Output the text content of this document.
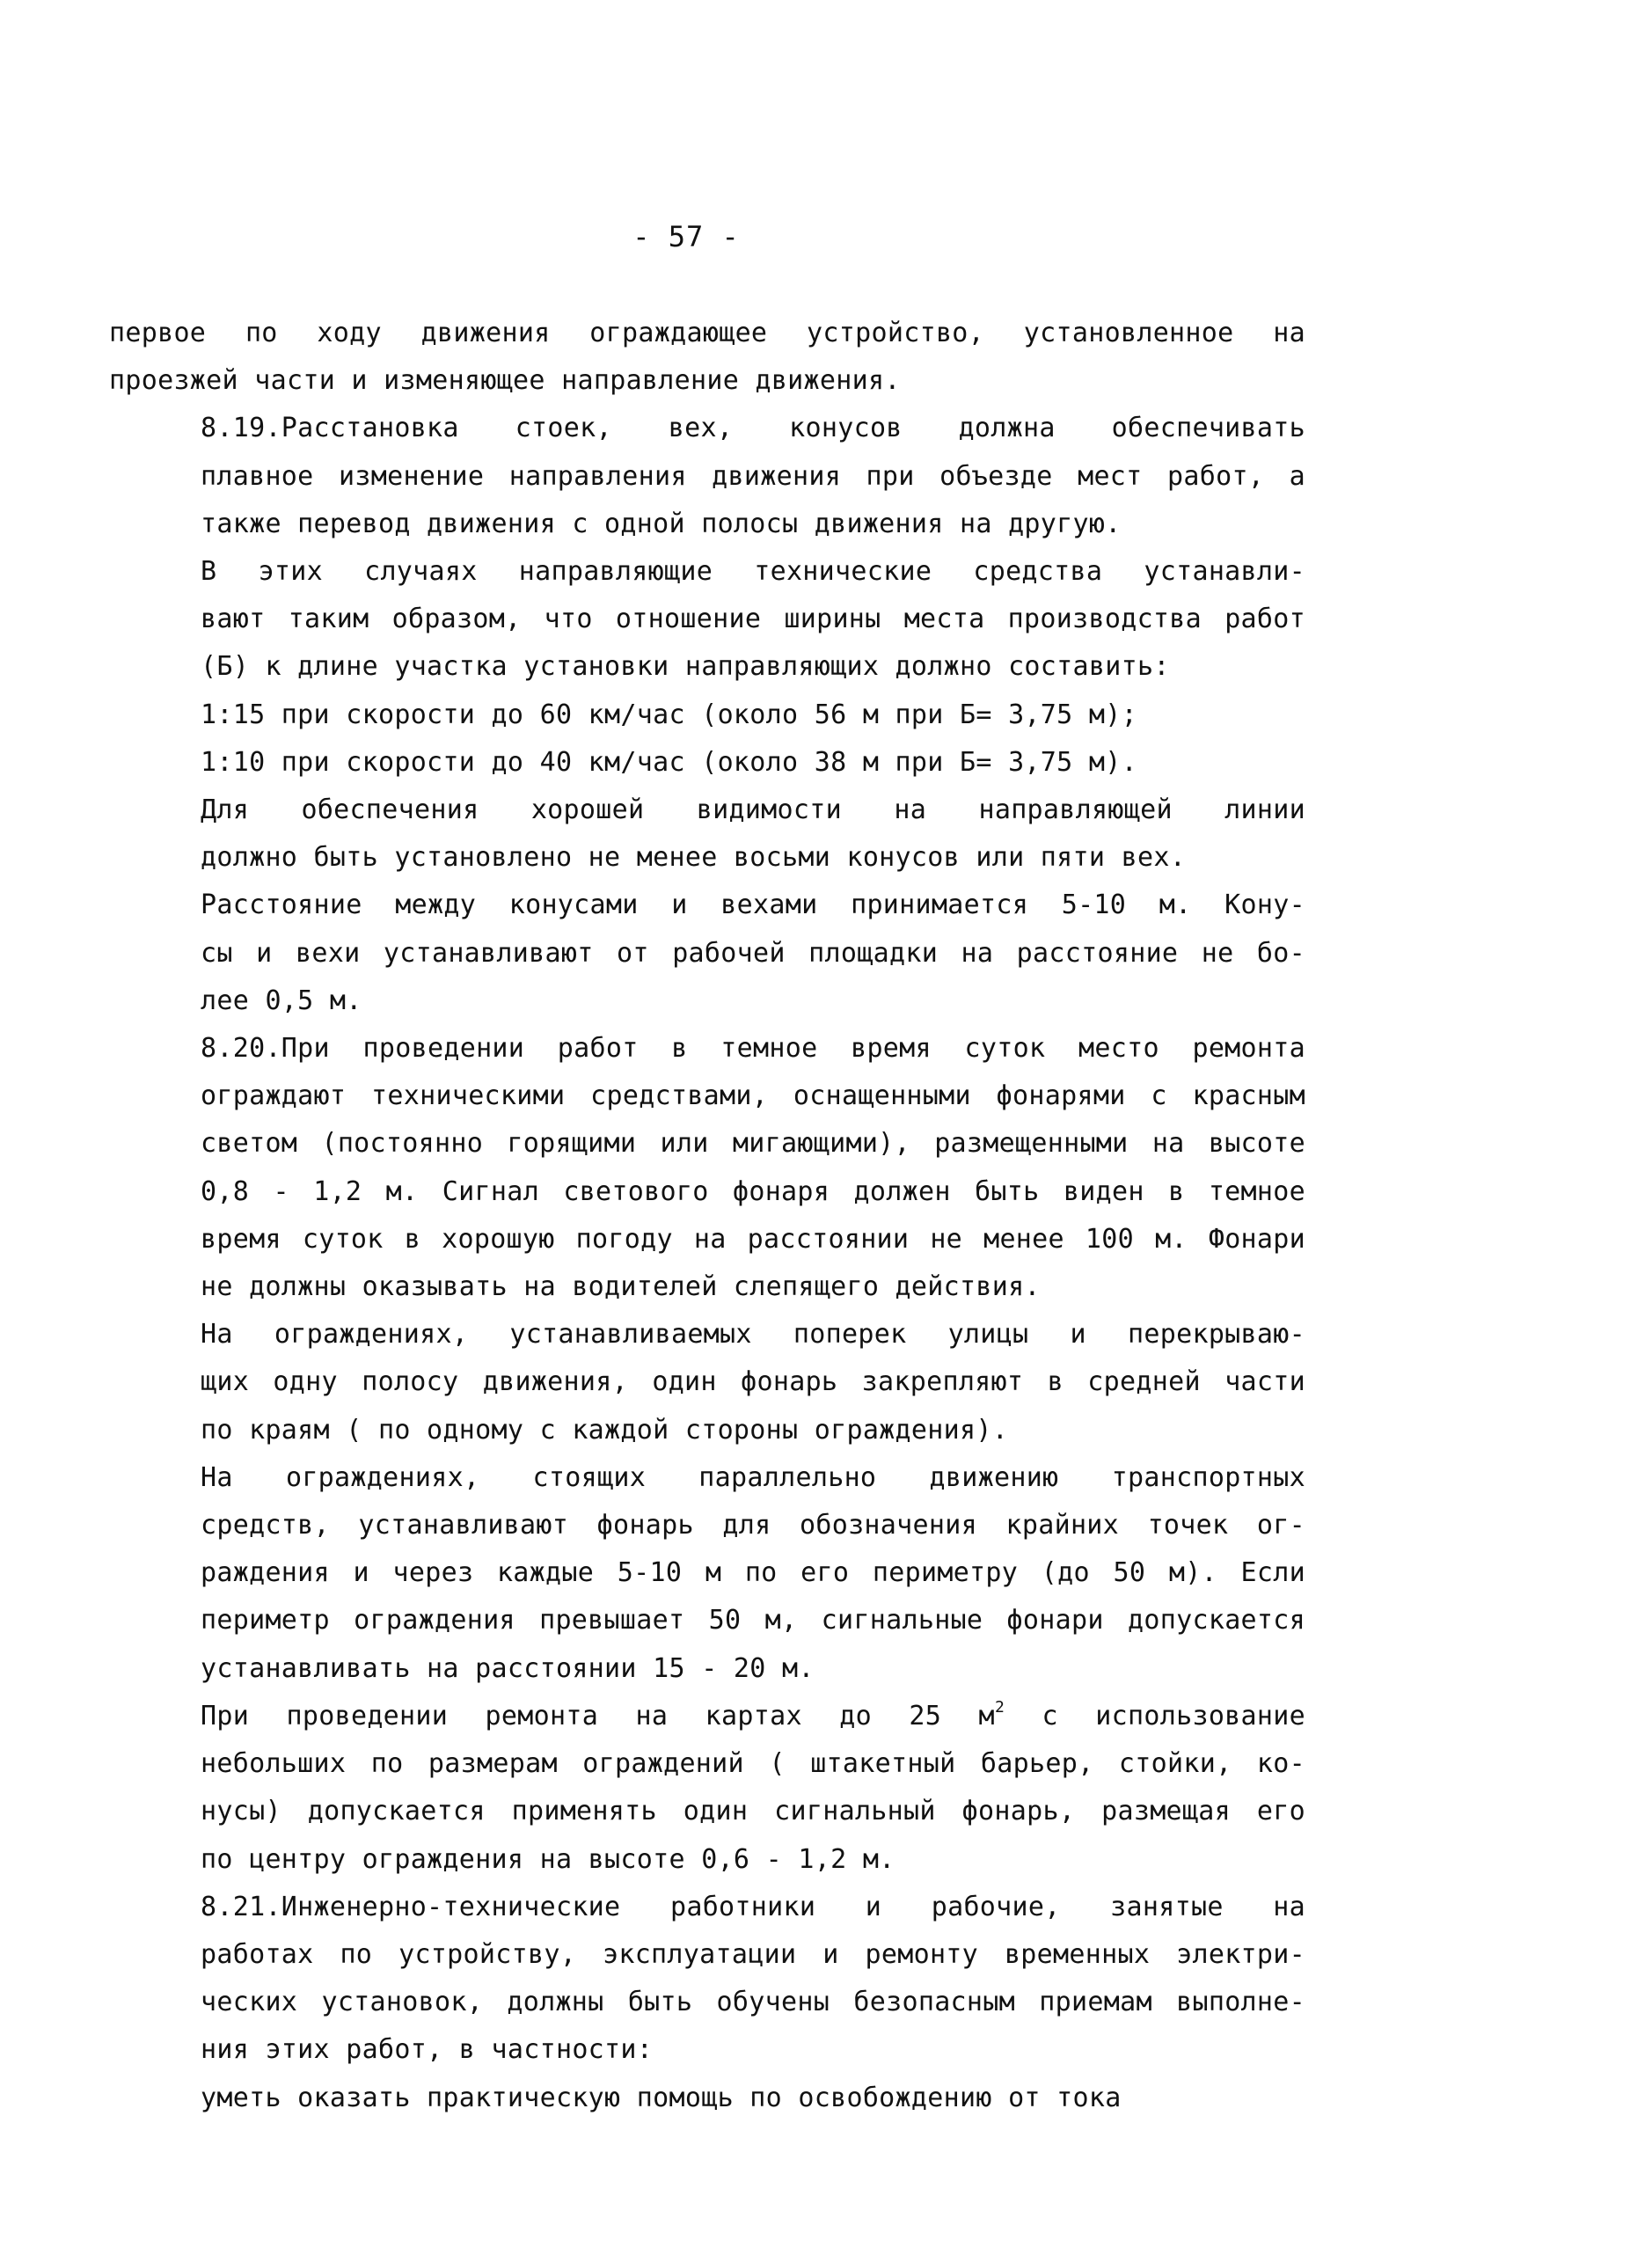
- 57 -
первое по ходу движения ограждающее устройство, установленное на
проезжей части и изменяющее направление движения.
8.19.Расстановка стоек, вех, конусов должна обеспечивать
плавное изменение направления движения при объезде мест работ, а
также перевод движения с одной полосы движения на другую.
В этих случаях направляющие технические средства устанавли-
вают таким образом, что отношение ширины места производства работ
(Б) к длине участка установки направляющих должно составить:
1:15 при скорости до 60 км/час (около 56 м при Б= 3,75 м);
1:10 при скорости до 40 км/час (около 38 м при Б= 3,75 м).
Для обеспечения хорошей видимости на направляющей линии
должно быть установлено не менее восьми конусов или пяти вех.
Расстояние между конусами и вехами принимается 5-10 м. Кону-
сы и вехи устанавливают от рабочей площадки на расстояние не бо-
лее 0,5 м.
8.20.При проведении работ в темное время суток место ремонта
ограждают техническими средствами, оснащенными фонарями с красным
светом (постоянно горящими или мигающими), размещенными на высоте
0,8 - 1,2 м. Сигнал светового фонаря должен быть виден в темное
время суток в хорошую погоду на расстоянии не менее 100 м. Фонари
не должны оказывать на водителей слепящего действия.
На ограждениях, устанавливаемых поперек улицы и перекрываю-
щих одну полосу движения, один фонарь закрепляют в средней части
по краям ( по одному с каждой стороны ограждения).
На ограждениях, стоящих параллельно движению транспортных
средств, устанавливают фонарь для обозначения крайних точек ог-
раждения и через каждые 5-10 м по его периметру (до 50 м). Если
периметр ограждения превышает 50 м, сигнальные фонари допускается
устанавливать на расстоянии 15 - 20 м.
При проведении ремонта на картах до 25 $м^2$ с использование
небольших по размерам ограждений ( штакетный барьер, стойки, ко-
нусы) допускается применять один сигнальный фонарь, размещая его
по центру ограждения на высоте 0,6 - 1,2 м.
8.21.Инженерно-технические работники и рабочие, занятые на
работах по устройству, эксплуатации и ремонту временных электри-
ческих установок, должны быть обучены безопасным приемам выполне-
ния этих работ, в частности:
уметь оказать практическую помощь по освобождению от тока
